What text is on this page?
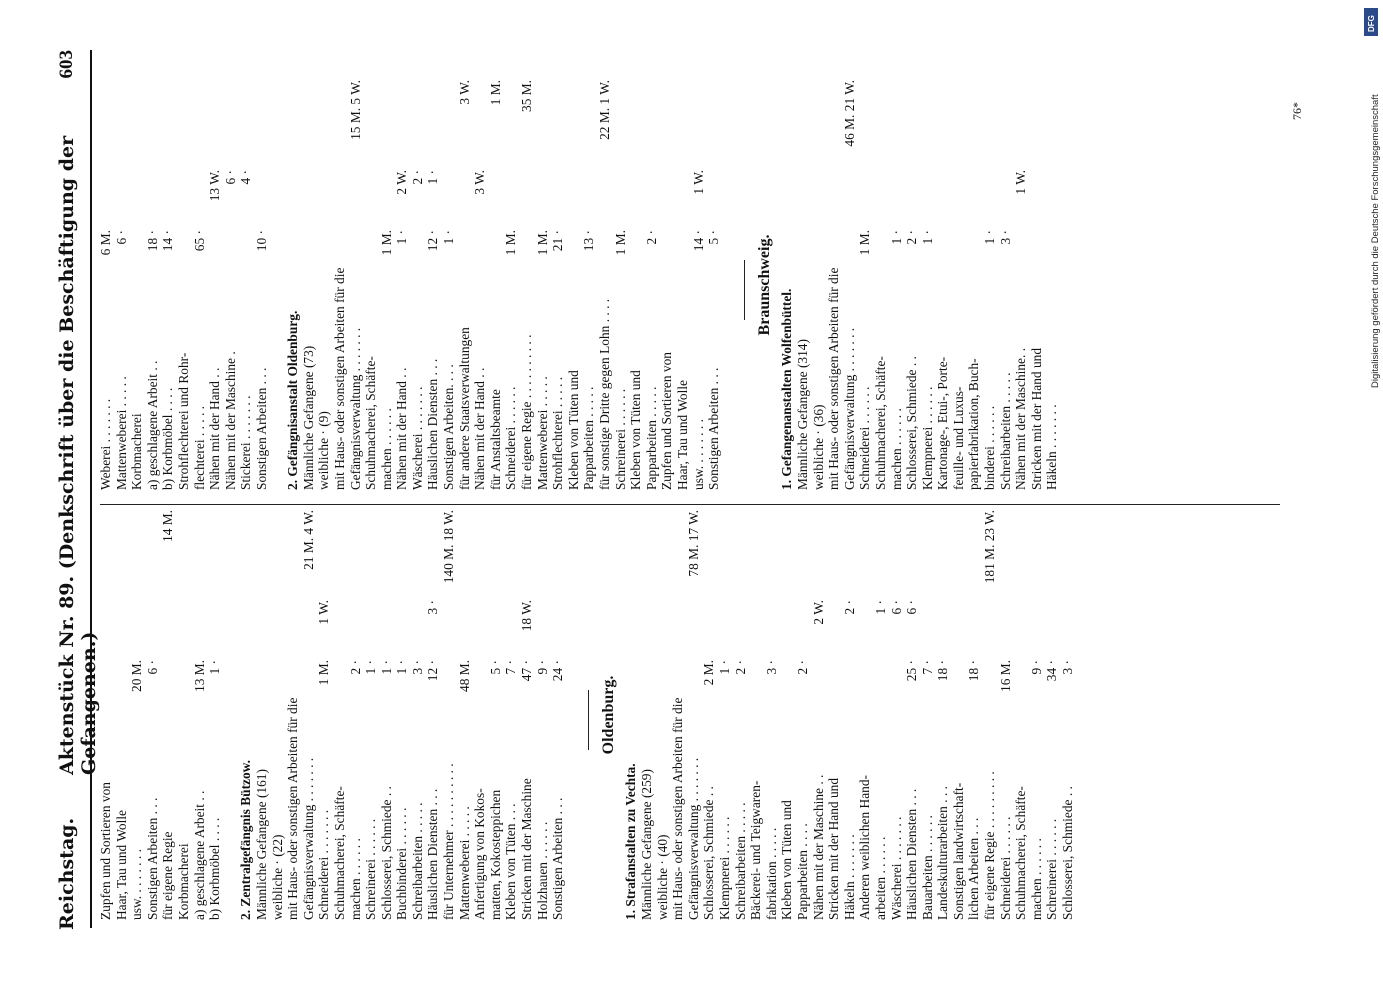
Reichstag.
Aktenstück Nr. 89. (Denkschrift über die Beschäftigung der Gefangenen.)
603
Zupfen und Sortieren von Haar, Tau und Wolle usw. . . . . . . .
20 M.
Sonstigen Arbeiten . . .
6 ·
für eigene Regie
14 M.
Korbmacherei a) geschlagene Arbeit . .
13 M.
b) Korbmöbel . . . .
1 ·
2. Zentralgefängnis Bützow. Männliche Gefangene (161) weibliche · (22) mit Haus- oder sonstigen Arbeiten für die Gefängnisverwaltung . . . . . . .
21 M. 4 W.
Schneiderei . . . . . . .
1 M.
1 W.
Schuhmacherei, Schäfte- machen . . . . . .
2 ·
Schreinerei . . . . . .
1 ·
Schlosserei, Schmiede . .
1 ·
Buchbinderei . . . . . .
1 ·
Schreibarbeiten . . . . .
3 ·
Häuslichen Diensten . . .
12 ·
3 ·
für Unternehmer . . . . . . . . . .
140 M. 18 W.
Mattenweberei . . . . .
48 M.
Anfertigung von Kokos- matten, Kokosteppichen
5 ·
Kleben von Tüten . . .
7 ·
Stricken mit der Maschine
47 ·
18 W.
Holzhauen . . . . . .
9 ·
Sonstigen Arbeiten . . .
24 ·
Oldenburg.
1. Strafanstalten zu Vechta. Männliche Gefangene (259) weibliche · (40) mit Haus- oder sonstigen Arbeiten für die Gefängnisverwaltung . . . . . . .
78 M. 17 W.
Schlosserei, Schmiede . .
2 M.
Klempnerei . . . . . .
1 ·
Schreibarbeiten . . . . .
2 ·
Bäckerei- und Teigwaren- fabrikation . . . . .
3 ·
Kleben von Tüten und Papparbeiten . . . .
2 ·
Nähen mit der Maschine . .
2 W.
Stricken mit der Hand und Häkeln . . . . . . .
2 ·
Anderen weiblichen Hand- arbeiten . . . . . .
1 ·
Wäscherei . . . . . . .
6 ·
Häuslichen Diensten . . .
25 ·
6 ·
Bauarbeiten . . . . . .
7 ·
Landeskulturarbeiten . . .
18 ·
Sonstigen landwirtschaft- lichen Arbeiten . . .
18 ·
für eigene Regie . . . . . . . . .
181 M. 23 W.
Schneiderei . . . . . .
16 M.
Schuhmacherei, Schäfte- machen . . . . . .
9 ·
Schreinerei . . . . . .
34 ·
Schlosserei, Schmiede . .
3 ·
Weberei . . . . . . .
6 M.
Mattenweberei . . . . .
6 ·
Korbmacherei a) geschlagene Arbeit . .
18 ·
b) Korbmöbel . . . .
14 ·
Strohflechterei und Rohr- flechterei . . . . .
65 ·
Nähen mit der Hand . .
13 W.
Nähen mit der Maschine .
6 ·
Stickerei . . . . . . .
4 ·
Sonstigen Arbeiten . . .
10 ·
2. Gefängnisanstalt Oldenburg. Männliche Gefangene (73) weibliche · (9) mit Haus- oder sonstigen Arbeiten für die Gefängnisverwaltung . . . . . . .
15 M. 5 W.
Schuhmacherei, Schäfte- machen . . . . . .
1 M.
Nähen mit der Hand . .
1 ·
2 W.
Wäscherei . . . . . . .
2 ·
Häuslichen Diensten . . .
12 ·
1 ·
Sonstigen Arbeiten. . . .
1 ·
für andere Staatsverwaltungen
3 W.
Nähen mit der Hand . .
3 W.
für Anstaltsbeamte
1 M.
Schneiderei . . . . . .
1 M.
für eigene Regie . . . . . . . . . .
35 M.
Mattenweberei . . . . .
1 M.
Strohflechterei . . . . .
21 ·
Kleben von Tüten und Papparbeiten . . . . .
13 ·
für sonstige Dritte gegen Lohn . . . .
22 M. 1 W.
Schreinerei . . . . . .
1 M.
Kleben von Tüten und Papparbeiten . . . . .
2 ·
Zupfen und Sortieren von Haar, Tau und Wolle usw. . . . . . . .
14 ·
1 W.
Sonstigen Arbeiten . . .
5 ·	Braunschweig.
1. Gefangenanstalten Wolfenbüttel. Männliche Gefangene (314) weibliche · (36) mit Haus- oder sonstigen Arbeiten für die Gefängnisverwaltung . . . . . . .
46 M. 21 W.
Schneiderei . . . . . .
1 M.
Schuhmacherei, Schäfte- machen . . . . . .
1 ·
Schlosserei, Schmiede . .
2 ·
Klempnerei . . . . . .
1 ·
Kartonage-, Etui-, Porte- feuille- und Luxus- papierfabrikation, Buch- binderei . . . . . .
1 ·
Schreibarbeiten . . . . .
3 ·
Nähen mit der Maschine. .
1 W.
Stricken mit der Hand und Häkeln . . . . . . .
76*
DFG
Digitalisierung gefördert durch die Deutsche Forschungsgemeinschaft
